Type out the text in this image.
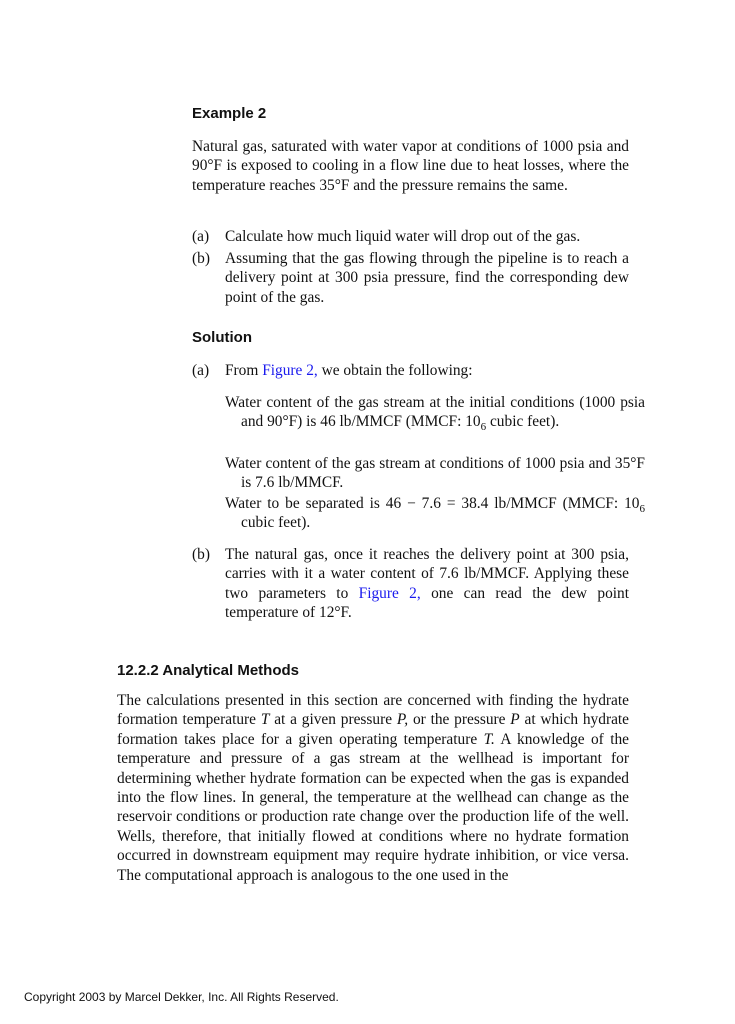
Example 2

Natural gas, saturated with water vapor at conditions of 1000 psia and 90°F is exposed to cooling in a flow line due to heat losses, where the temperature reaches 35°F and the pressure remains the same.

(a) Calculate how much liquid water will drop out of the gas.
(b) Assuming that the gas flowing through the pipeline is to reach a delivery point at 300 psia pressure, find the corresponding dew point of the gas.
Solution
(a) From Figure 2, we obtain the following:

Water content of the gas stream at the initial conditions (1000 psia and 90°F) is 46 lb/MMCF (MMCF: $10_6$ cubic feet).

Water content of the gas stream at conditions of 1000 psia and 35°F is 7.6 lb/MMCF.

Water to be separated is 46 − 7.6 = 38.4 lb/MMCF (MMCF: $10_6$ cubic feet).

(b) The natural gas, once it reaches the delivery point at 300 psia, carries with it a water content of 7.6 lb/MMCF. Applying these two parameters to Figure 2, one can read the dew point temperature of 12°F.
12.2.2 Analytical Methods

The calculations presented in this section are concerned with finding the hydrate formation temperature T at a given pressure P, or the pressure P at which hydrate formation takes place for a given operating temperature T. A knowledge of the temperature and pressure of a gas stream at the wellhead is important for determining whether hydrate formation can be expected when the gas is expanded into the flow lines. In general, the temperature at the wellhead can change as the reservoir conditions or production rate change over the production life of the well. Wells, therefore, that initially flowed at conditions where no hydrate formation occurred in downstream equipment may require hydrate inhibition, or vice versa. The computational approach is analogous to the one used in the

Copyright 2003 by Marcel Dekker, Inc. All Rights Reserved.
